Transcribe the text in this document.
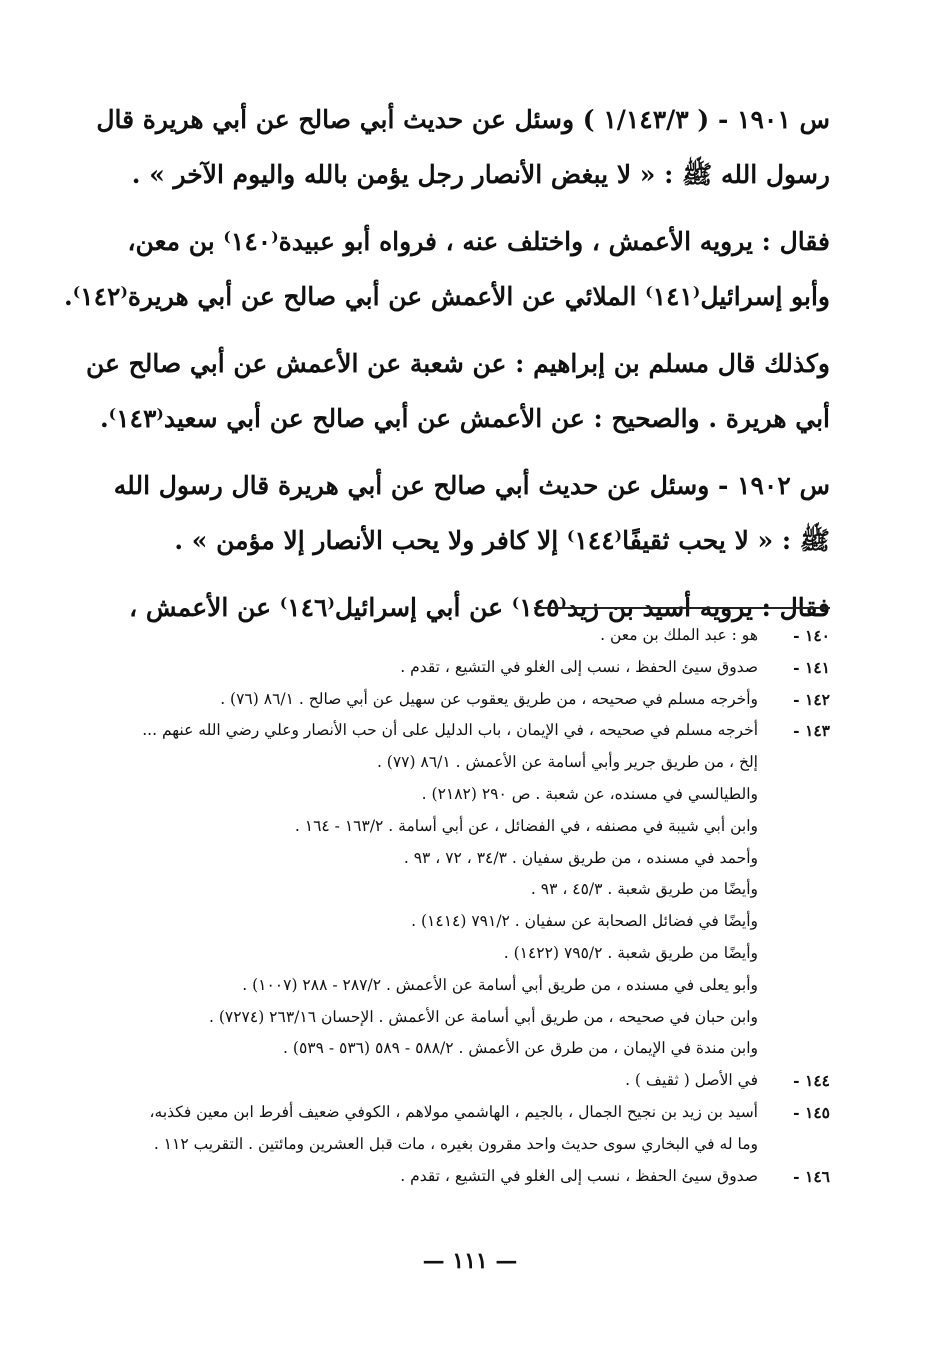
س ١٩٠١ - ( ١/١٤٣/٣ ) وسئل عن حديث أبي صالح عن أبي هريرة قال
رسول الله ﷺ : « لا يبغض الأنصار رجل يؤمن بالله واليوم الآخر » .

فقال : يرويه الأعمش ، واختلف عنه ، فرواه أبو عبيدة⁽١٤٠⁾ بن معن،
وأبو إسرائيل⁽١٤١⁾ الملائي عن الأعمش عن أبي صالح عن أبي هريرة⁽١٤٢⁾.

وكذلك قال مسلم بن إبراهيم : عن شعبة عن الأعمش عن أبي صالح عن
أبي هريرة . والصحيح : عن الأعمش عن أبي صالح عن أبي سعيد⁽١٤٣⁾.

س ١٩٠٢ - وسئل عن حديث أبي صالح عن أبي هريرة قال رسول الله
ﷺ : « لا يحب ثقيفًا⁽١٤٤⁾ إلا كافر ولا يحب الأنصار إلا مؤمن » .

فقال : يرويه أسيد بن زيد⁽١٤٥⁾ عن أبي إسرائيل⁽١٤٦⁾ عن الأعمش ،

١٤٠ -
هو : عبد الملك بن معن .
١٤١ -
صدوق سيئ الحفظ ، نسب إلى الغلو في التشيع ، تقدم .
١٤٢ -
وأخرجه مسلم في صحيحه ، من طريق يعقوب عن سهيل عن أبي صالح . ٨٦/١ (٧٦) .
١٤٣ -
أخرجه مسلم في صحيحه ، في الإيمان ، باب الدليل على أن حب الأنصار وعلي رضي الله عنهم ...
إلخ ، من طريق جرير وأبي أسامة عن الأعمش . ٨٦/١ (٧٧) .
والطيالسي في مسنده، عن شعبة . ص ٢٩٠ (٢١٨٢) .
وابن أبي شيبة في مصنفه ، في الفضائل ، عن أبي أسامة . ١٦٣/٢ - ١٦٤ .
وأحمد في مسنده ، من طريق سفيان . ٣٤/٣ ، ٧٢ ، ٩٣ .
وأيضًا من طريق شعبة . ٤٥/٣ ، ٩٣ .
وأيضًا في فضائل الصحابة عن سفيان . ٧٩١/٢ (١٤١٤) .
وأيضًا من طريق شعبة . ٧٩٥/٢ (١٤٢٢) .
وأبو يعلى في مسنده ، من طريق أبي أسامة عن الأعمش . ٢٨٧/٢ - ٢٨٨ (١٠٠٧) .
وابن حبان في صحيحه ، من طريق أبي أسامة عن الأعمش . الإحسان ٢٦٣/١٦ (٧٢٧٤) .
وابن مندة في الإيمان ، من طرق عن الأعمش . ٥٨٨/٢ - ٥٨٩ (٥٣٦ - ٥٣٩) .
١٤٤ -
في الأصل ( ثقيف ) .
١٤٥ -
أسيد بن زيد بن نجيح الجمال ، بالجيم ، الهاشمي مولاهم ، الكوفي ضعيف أفرط ابن معين فكذبه،
وما له في البخاري سوى حديث واحد مقرون بغيره ، مات قبل العشرين ومائتين . التقريب ١١٢ .
١٤٦ -
صدوق سيئ الحفظ ، نسب إلى الغلو في التشيع ، تقدم .
— ١١١ —
